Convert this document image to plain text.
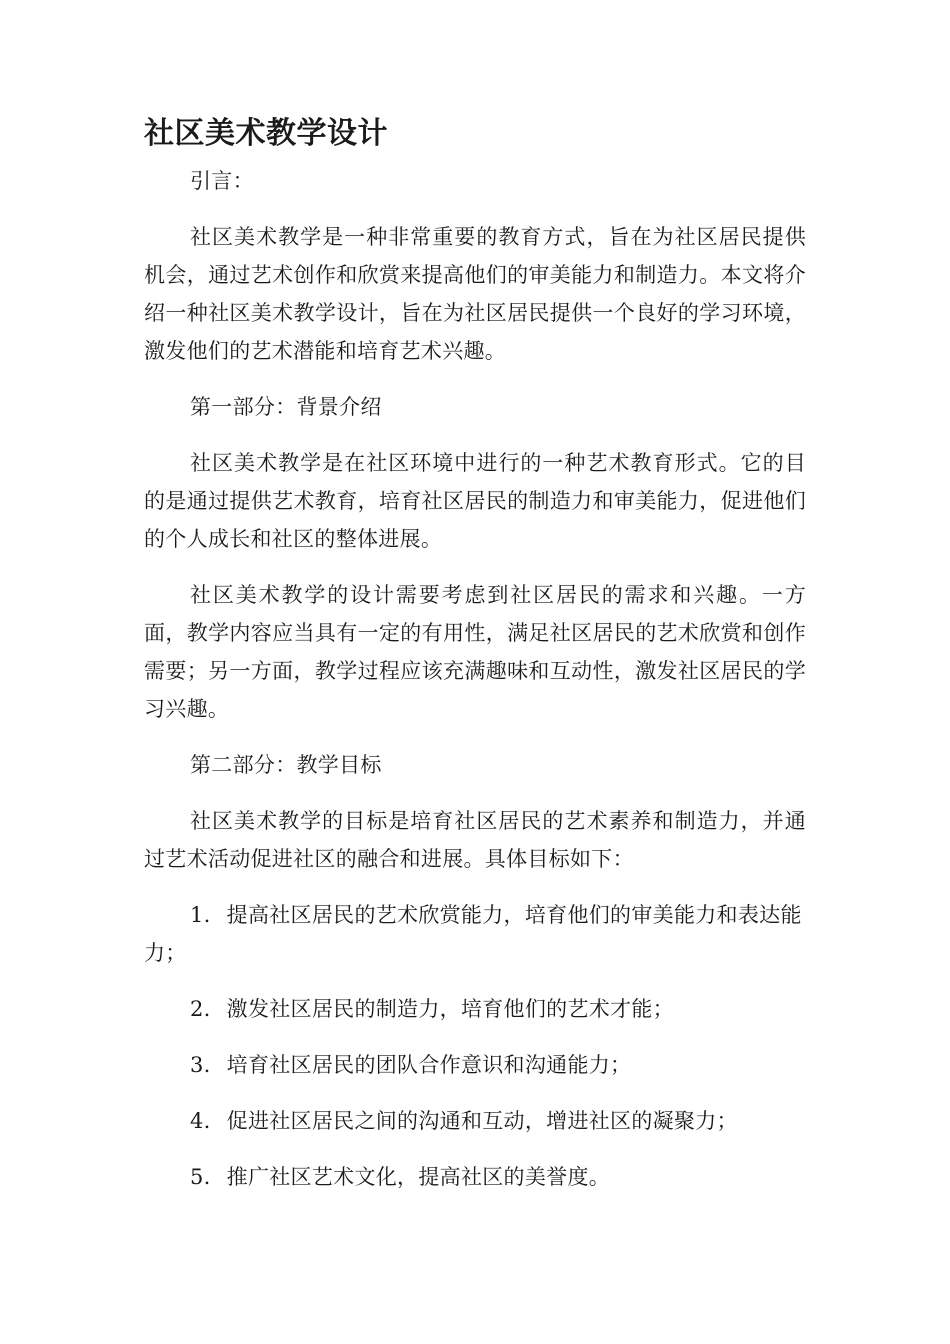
社区美术教学设计

引言：

社区美术教学是一种非常重要的教育方式，旨在为社区居民提供机会，通过艺术创作和欣赏来提高他们的审美能力和制造力。本文将介绍一种社区美术教学设计，旨在为社区居民提供一个良好的学习环境，激发他们的艺术潜能和培育艺术兴趣。

第一部分：背景介绍

社区美术教学是在社区环境中进行的一种艺术教育形式。它的目的是通过提供艺术教育，培育社区居民的制造力和审美能力，促进他们的个人成长和社区的整体进展。

社区美术教学的设计需要考虑到社区居民的需求和兴趣。一方面，教学内容应当具有一定的有用性，满足社区居民的艺术欣赏和创作需要；另一方面，教学过程应该充满趣味和互动性，激发社区居民的学习兴趣。

第二部分：教学目标

社区美术教学的目标是培育社区居民的艺术素养和制造力，并通过艺术活动促进社区的融合和进展。具体目标如下：

1. 提高社区居民的艺术欣赏能力，培育他们的审美能力和表达能力；
2. 激发社区居民的制造力，培育他们的艺术才能；
3. 培育社区居民的团队合作意识和沟通能力；
4. 促进社区居民之间的沟通和互动，增进社区的凝聚力；
5. 推广社区艺术文化，提高社区的美誉度。
